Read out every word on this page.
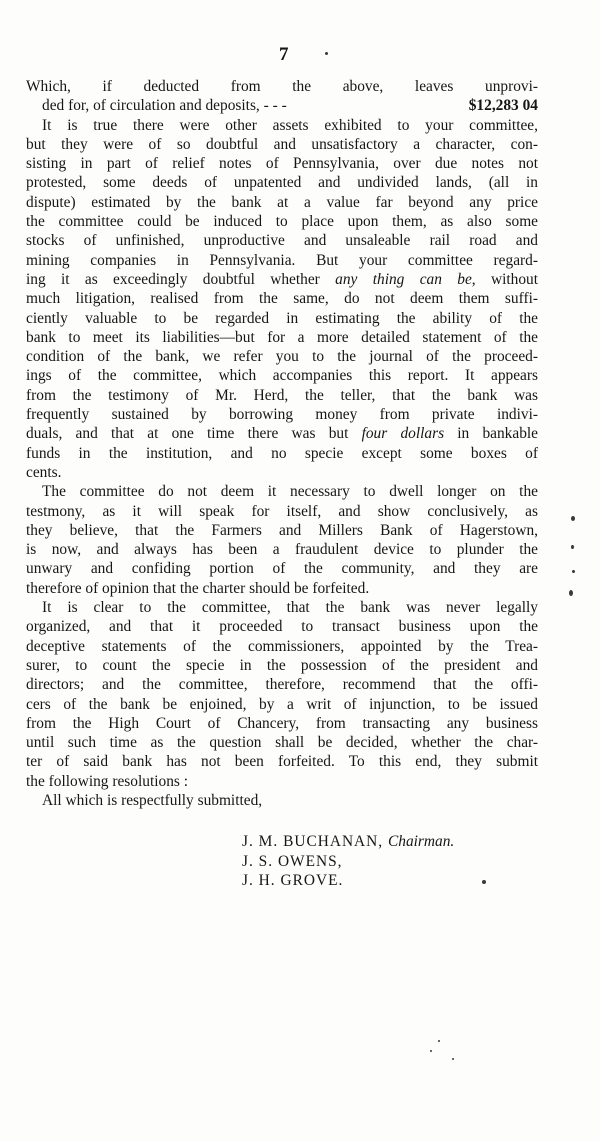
7
Which, if deducted from the above, leaves unprovi-
ded for, of circulation and deposits, - - -	$12,283 04
It is true there were other assets exhibited to your committee,
but they were of so doubtful and unsatisfactory a character, con-
sisting in part of relief notes of Pennsylvania, over due notes not
protested, some deeds of unpatented and undivided lands, (all in
dispute) estimated by the bank at a value far beyond any price
the committee could be induced to place upon them, as also some
stocks of unfinished, unproductive and unsaleable rail road and
mining companies in Pennsylvania. But your committee regard-
ing it as exceedingly doubtful whether any thing can be, without
much litigation, realised from the same, do not deem them suffi-
ciently valuable to be regarded in estimating the ability of the
bank to meet its liabilities—but for a more detailed statement of the
condition of the bank, we refer you to the journal of the proceed-
ings of the committee, which accompanies this report. It appears
from the testimony of Mr. Herd, the teller, that the bank was
frequently sustained by borrowing money from private indivi-
duals, and that at one time there was but four dollars in bankable
funds in the institution, and no specie except some boxes of
cents.
The committee do not deem it necessary to dwell longer on the
testmony, as it will speak for itself, and show conclusively, as
they believe, that the Farmers and Millers Bank of Hagerstown,
is now, and always has been a fraudulent device to plunder the
unwary and confiding portion of the community, and they are
therefore of opinion that the charter should be forfeited.
It is clear to the committee, that the bank was never legally
organized, and that it proceeded to transact business upon the
deceptive statements of the commissioners, appointed by the Trea-
surer, to count the specie in the possession of the president and
directors; and the committee, therefore, recommend that the offi-
cers of the bank be enjoined, by a writ of injunction, to be issued
from the High Court of Chancery, from transacting any business
until such time as the question shall be decided, whether the char-
ter of said bank has not been forfeited. To this end, they submit
the following resolutions :
All which is respectfully submitted,
J. M. BUCHANAN, Chairman.
J. S. OWENS,
J. H. GROVE.
